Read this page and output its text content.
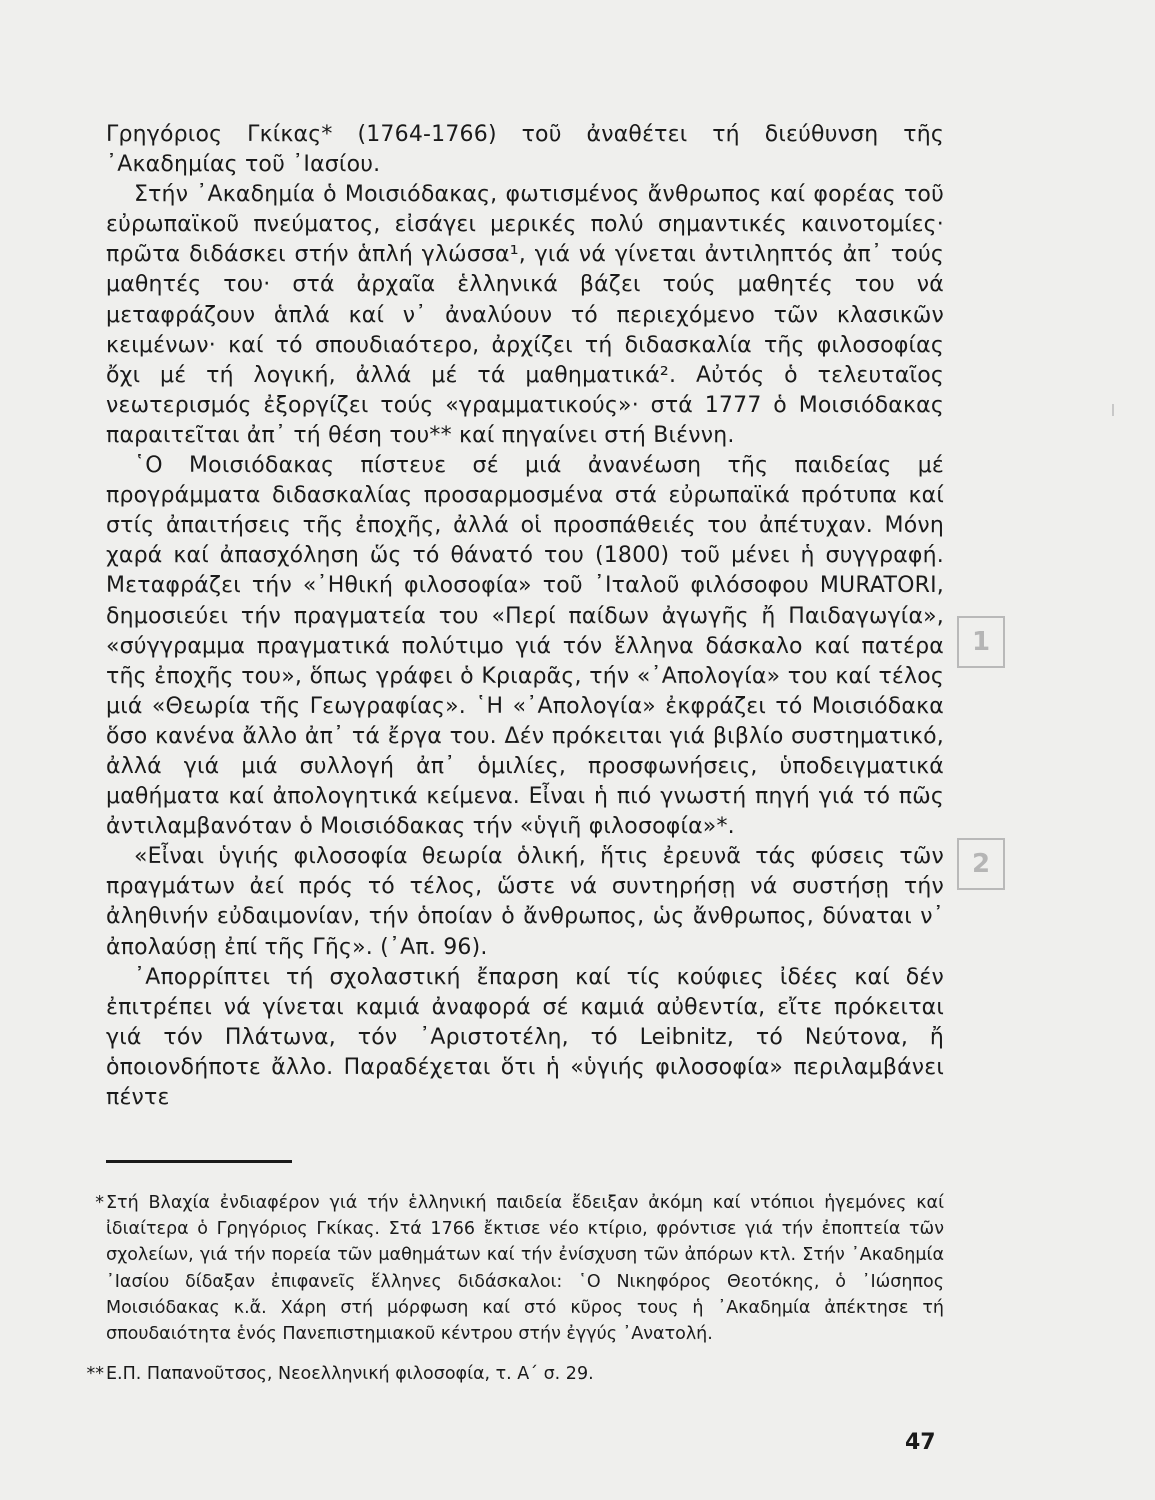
Γρηγόριος Γκίκας* (1764-1766) τοῦ ἀναθέτει τή διεύθυνση τῆς ᾿Ακαδημίας τοῦ ᾿Ιασίου.

Στήν ᾿Ακαδημία ὁ Μοισιόδακας, φωτισμένος ἄνθρωπος καί φορέας τοῦ εὐρωπαϊκοῦ πνεύματος, εἰσάγει μερικές πολύ σημαντικές καινοτομίες· πρῶτα διδάσκει στήν ἁπλή γλώσσα¹, γιά νά γίνεται ἀντιληπτός ἀπ᾿ τούς μαθητές του· στά ἀρχαῖα ἑλληνικά βάζει τούς μαθητές του νά μεταφράζουν ἁπλά καί ν᾿ ἀναλύουν τό περιεχόμενο τῶν κλασικῶν κειμένων· καί τό σπουδιαότερο, ἀρχίζει τή διδασκαλία τῆς φιλοσοφίας ὄχι μέ τή λογική, ἀλλά μέ τά μαθηματικά². Αὐτός ὁ τελευταῖος νεωτερισμός ἐξοργίζει τούς «γραμματικούς»· στά 1777 ὁ Μοισιόδακας παραιτεῖται ἀπ᾿ τή θέση του** καί πηγαίνει στή Βιέννη.

῾Ο Μοισιόδακας πίστευε σέ μιά ἀνανέωση τῆς παιδείας μέ προγράμματα διδασκαλίας προσαρμοσμένα στά εὐρωπαϊκά πρότυπα καί στίς ἀπαιτήσεις τῆς ἐποχῆς, ἀλλά οἱ προσπάθειές του ἀπέτυχαν. Μόνη χαρά καί ἀπασχόληση ὥς τό θάνατό του (1800) τοῦ μένει ἡ συγγραφή. Μεταφράζει τήν «᾿Ηθική φιλοσοφία» τοῦ ᾿Ιταλοῦ φιλόσοφου MURATORI, δημοσιεύει τήν πραγματεία του «Περί παίδων ἀγωγῆς ἤ Παιδαγωγία», «σύγγραμμα πραγματικά πολύτιμο γιά τόν ἕλληνα δάσκαλο καί πατέρα τῆς ἐποχῆς του», ὅπως γράφει ὁ Κριαρᾶς, τήν «᾿Απολογία» του καί τέλος μιά «Θεωρία τῆς Γεωγραφίας». ῾Η «᾿Απολογία» ἐκφράζει τό Μοισιόδακα ὅσο κανένα ἄλλο ἀπ᾿ τά ἔργα του. Δέν πρόκειται γιά βιβλίο συστηματικό, ἀλλά γιά μιά συλλογή ἀπ᾿ ὁμιλίες, προσφωνήσεις, ὑποδειγματικά μαθήματα καί ἀπολογητικά κείμενα. Εἶναι ἡ πιό γνωστή πηγή γιά τό πῶς ἀντιλαμβανόταν ὁ Μοισιόδακας τήν «ὑγιῆ φιλοσοφία»*.

«Εἶναι ὑγιής φιλοσοφία θεωρία ὁλική, ἥτις ἐρευνᾶ τάς φύσεις τῶν πραγμάτων ἀεί πρός τό τέλος, ὥστε νά συντηρήσῃ νά συστήσῃ τήν ἀληθινήν εὐδαιμονίαν, τήν ὁποίαν ὁ ἄνθρωπος, ὡς ἄνθρωπος, δύναται ν᾿ ἀπολαύσῃ ἐπί τῆς Γῆς». (᾿Απ. 96).

᾿Απορρίπτει τή σχολαστική ἔπαρση καί τίς κούφιες ἰδέες καί δέν ἐπιτρέπει νά γίνεται καμιά ἀναφορά σέ καμιά αὐθεντία, εἴτε πρόκειται γιά τόν Πλάτωνα, τόν ᾿Αριστοτέλη, τό Leibnitz, τό Νεύτονα, ἤ ὁποιονδήποτε ἄλλο. Παραδέχεται ὅτι ἡ «ὑγιής φιλοσοφία» περιλαμβάνει πέντε

* Στή Βλαχία ἐνδιαφέρον γιά τήν ἑλληνική παιδεία ἔδειξαν ἀκόμη καί ντόπιοι ἡγεμόνες καί ἰδιαίτερα ὁ Γρηγόριος Γκίκας. Στά 1766 ἔκτισε νέο κτίριο, φρόντισε γιά τήν ἐποπτεία τῶν σχολείων, γιά τήν πορεία τῶν μαθημάτων καί τήν ἐνίσχυση τῶν ἀπόρων κτλ. Στήν ᾿Ακαδημία ᾿Ιασίου δίδαξαν ἐπιφανεῖς ἕλληνες διδάσκαλοι: ῾Ο Νικηφόρος Θεοτόκης, ὁ ᾿Ιώσηπος Μοισιόδακας κ.ἄ. Χάρη στή μόρφωση καί στό κῦρος τους ἡ ᾿Ακαδημία ἀπέκτησε τή σπουδαιότητα ἑνός Πανεπιστημιακοῦ κέντρου στήν ἐγγύς ᾿Ανατολή.
** Ε.Π. Παπανοῦτσος, Νεοελληνική φιλοσοφία, τ. Α΄ σ. 29.
1
2
47
